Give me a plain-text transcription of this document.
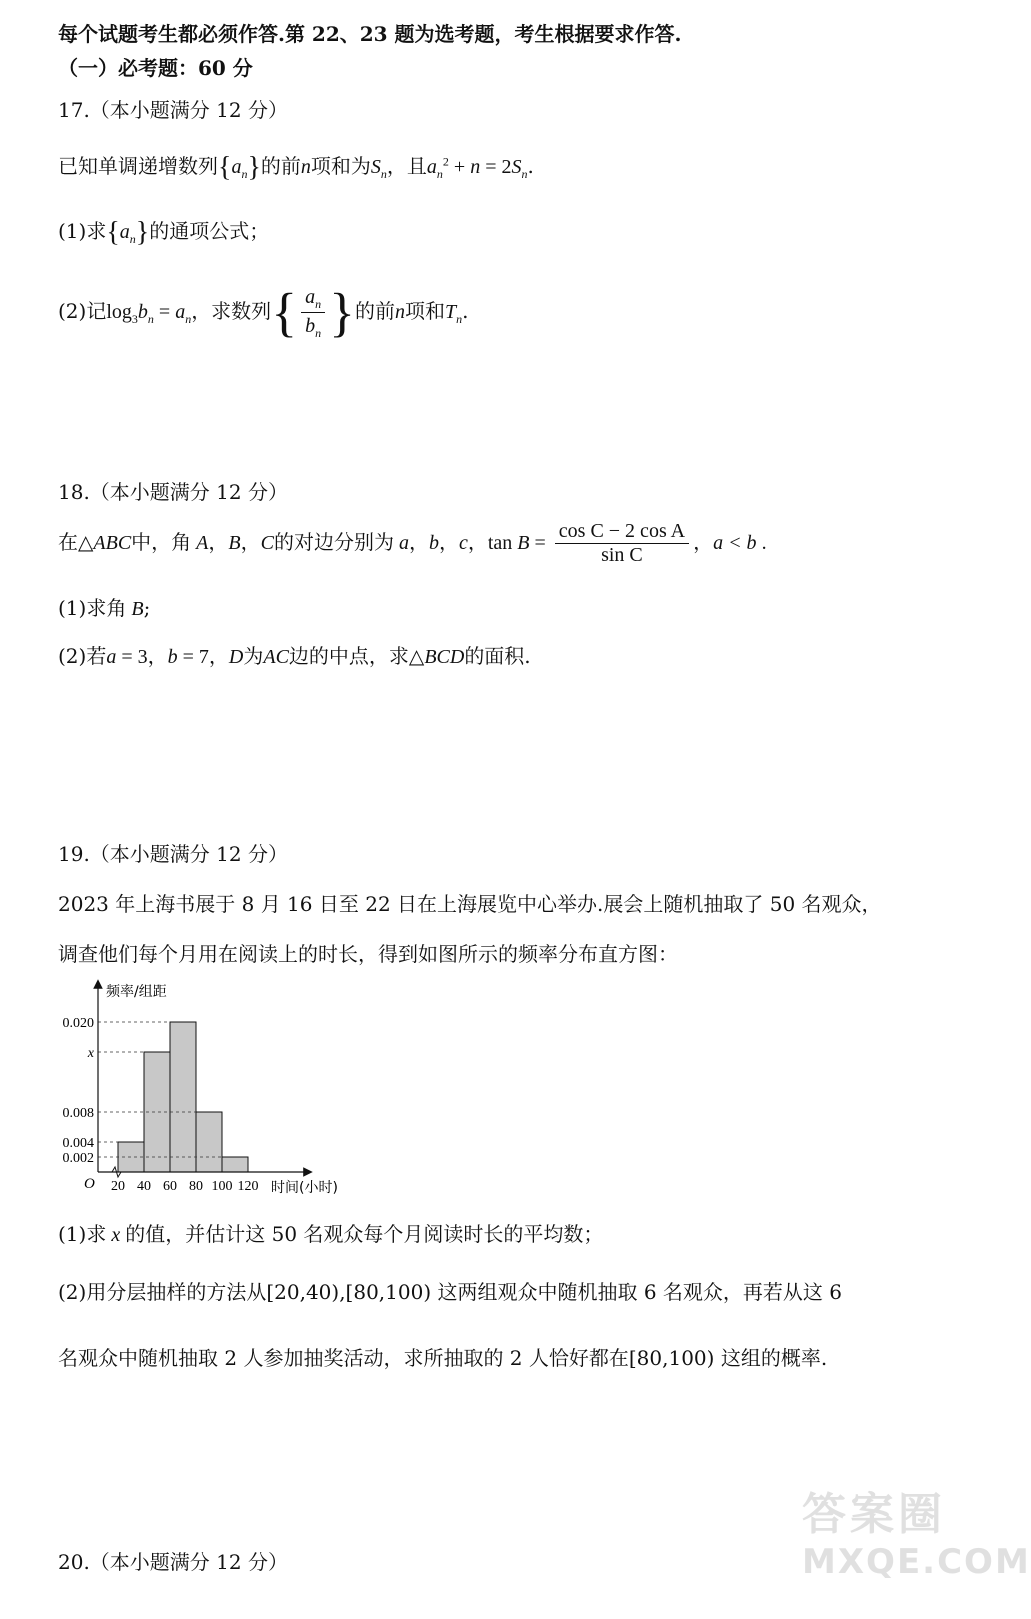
每个试题考生都必须作答.第 22、23 题为选考题，考生根据要求作答.
（一）必考题：60 分
17.（本小题满分 12 分）
已知单调递增数列$\{a_n\}$的前n项和为$S_n$，且$a_n^2 + n = 2S_n$.
(1)求$\{a_n\}$的通项公式；
(2)记$\log_3b_n = a_n$，求数列{ $\frac{a_n}{b_n}$ }的前n项和$T_n$.
18.（本小题满分 12 分）
在△ABC中，角 A，B，C的对边分别为 a，b，c，$\tan B = \frac{\text{cos C − 2 cos A}}{\text{sin C}}$ ，a < b .
(1)求角 B;
(2)若a = 3，b = 7，D为AC边的中点，求△BCD的面积.
19.（本小题满分 12 分）
2023 年上海书展于 8 月 16 日至 22 日在上海展览中心举办.展会上随机抽取了 50 名观众，
调查他们每个月用在阅读上的时长，得到如图所示的频率分布直方图：
0.020
x
0.008
0.004
0.002
20 40 60 80 100 120
频率/组距
时间(小时)
O
(1)求 x 的值，并估计这 50 名观众每个月阅读时长的平均数；
(2)用分层抽样的方法从[20,40),[80,100) 这两组观众中随机抽取 6 名观众，再若从这 6
名观众中随机抽取 2 人参加抽奖活动，求所抽取的 2 人恰好都在[80,100) 这组的概率.
20.（本小题满分 12 分）
答案圈
MXQE.COM
